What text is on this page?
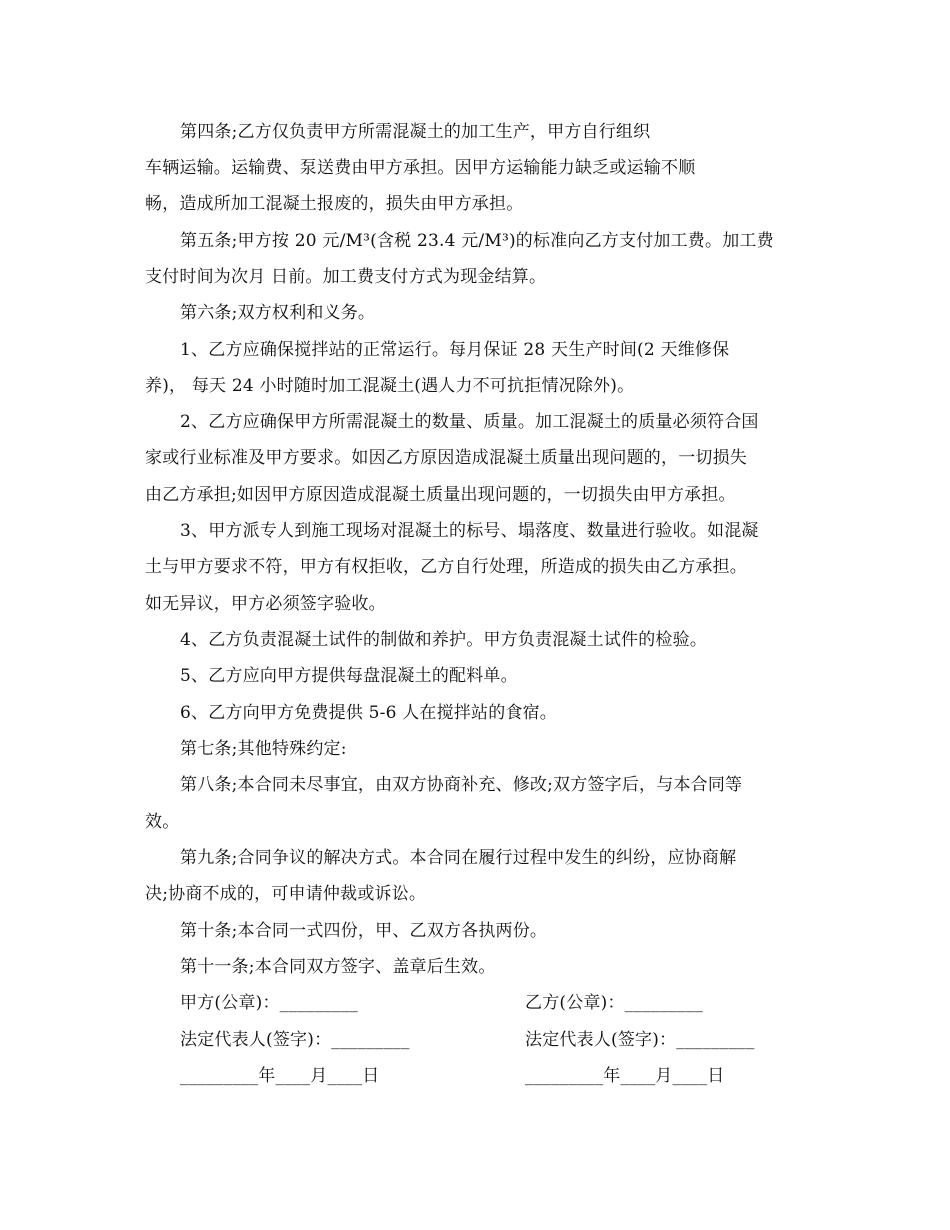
第四条;乙方仅负责甲方所需混凝土的加工生产，甲方自行组织
车辆运输。运输费、泵送费由甲方承担。因甲方运输能力缺乏或运输不顺
畅，造成所加工混凝土报废的，损失由甲方承担。
第五条;甲方按 20 元/M³(含税 23.4 元/M³)的标准向乙方支付加工费。加工费
支付时间为次月 日前。加工费支付方式为现金结算。
第六条;双方权利和义务。
1、乙方应确保搅拌站的正常运行。每月保证 28 天生产时间(2 天维修保
养)， 每天 24 小时随时加工混凝土(遇人力不可抗拒情况除外)。
2、乙方应确保甲方所需混凝土的数量、质量。加工混凝土的质量必须符合国
家或行业标准及甲方要求。如因乙方原因造成混凝土质量出现问题的，一切损失
由乙方承担;如因甲方原因造成混凝土质量出现问题的，一切损失由甲方承担。
3、甲方派专人到施工现场对混凝土的标号、塌落度、数量进行验收。如混凝
土与甲方要求不符，甲方有权拒收，乙方自行处理，所造成的损失由乙方承担。
如无异议，甲方必须签字验收。
4、乙方负责混凝土试件的制做和养护。甲方负责混凝土试件的检验。
5、乙方应向甲方提供每盘混凝土的配料单。
6、乙方向甲方免费提供 5-6 人在搅拌站的食宿。
第七条;其他特殊约定:
第八条;本合同未尽事宜，由双方协商补充、修改;双方签字后，与本合同等
效。
第九条;合同争议的解决方式。本合同在履行过程中发生的纠纷，应协商解
决;协商不成的，可申请仲裁或诉讼。
第十条;本合同一式四份，甲、乙双方各执两份。
第十一条;本合同双方签字、盖章后生效。
甲方(公章)：_________	乙方(公章)：_________
法定代表人(签字)：_________	法定代表人(签字)：_________
_________年____月____日	_________年____月____日
